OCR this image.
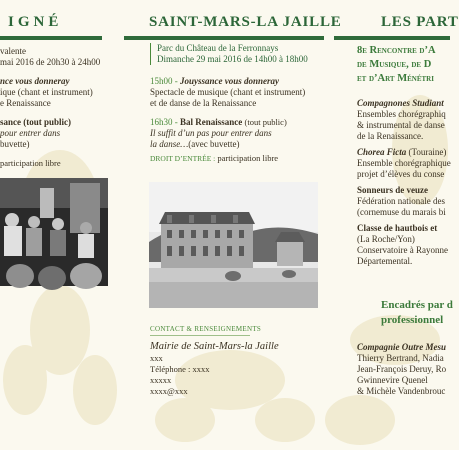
IGNÉ
valente
mai 2016 de 20h30 à 24h00
nce vous donneray
ique (chant et instrument)
e Renaissance
sance (tout public)
pour entrer dans
buvette)
participation libre
SAINT-MARS-LA JAILLE
Parc du Château de la Ferronnays
Dimanche 29 mai 2016 de 14h00 à 18h00
15h00 - Jouyssance vous donneray
Spectacle de musique (chant et instrument)
et de danse de la Renaissance
16h30 - Bal Renaissance (tout public)
Il suffit d’un pas pour entrer dans
la danse…(avec buvette)
DROIT D’ENTRÉE : participation libre
CONTACT & RENSEIGNEMENTS
Mairie de Saint-Mars-la Jaille
xxx
Téléphone : xxxx
xxxxx
xxxx@xxx
LES PART
8e Rencontre d’A
de Musique, de D
et d’Art Ménétri
Compagnones Studiant
Ensembles chorégraphiq
& instrumental de danse
de la Renaissance.
Chorea Ficta (Touraine)
Ensemble chorégraphique
projet d’élèves du conse
Sonneurs de veuze
Fédération nationale des
(cornemuse du marais bi
Classe de hautbois et
(La Roche/Yon)
Conservatoire à Rayonne
Départemental.
Encadrés par d
professionnel
Compagnie Outre Mesu
Thierry Bertrand, Nadia
Jean-François Deruy, Ro
Gwinnevire Quenel
& Michèle Vandenbrouc
